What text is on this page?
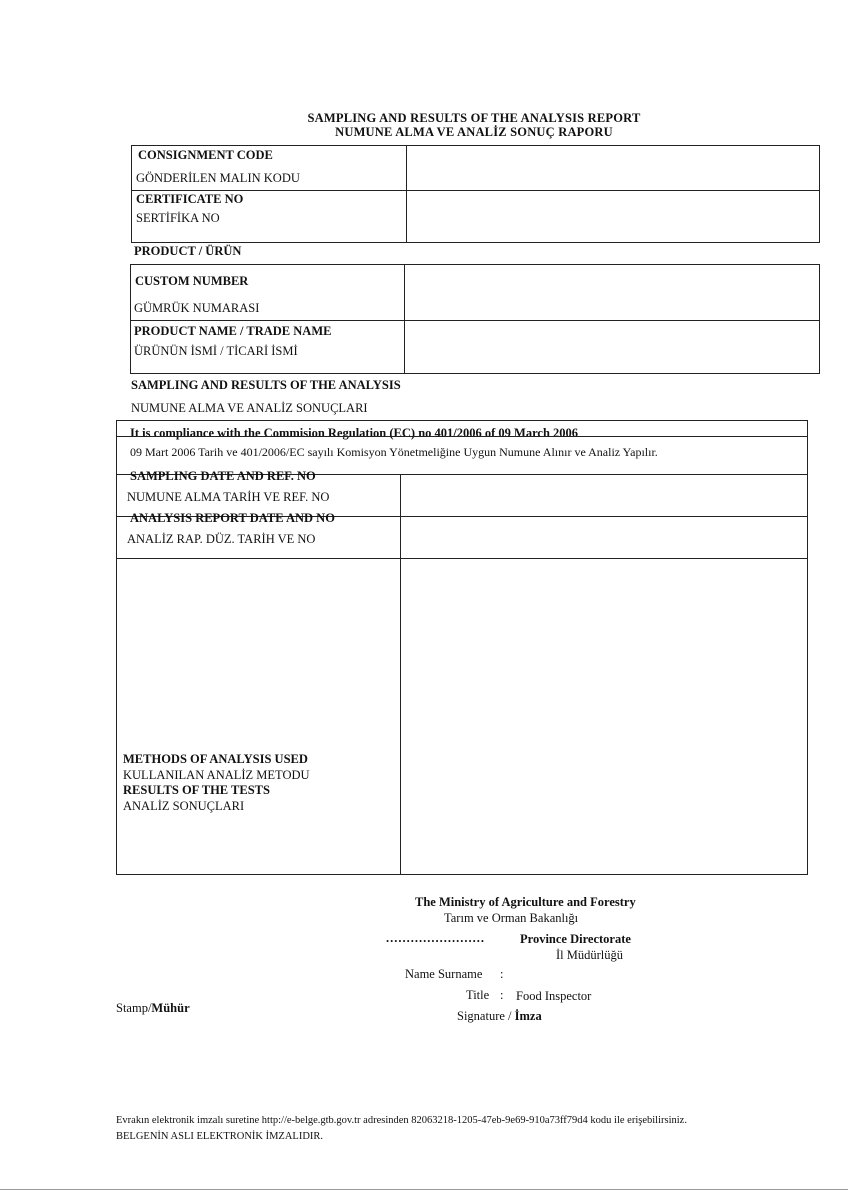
SAMPLING AND RESULTS OF THE ANALYSIS REPORT
NUMUNE ALMA VE ANALİZ SONUÇ RAPORU
CONSIGNMENT CODE
GÖNDERİLEN MALIN KODU
CERTIFICATE NO
SERTİFİKA NO
PRODUCT / ÜRÜN
CUSTOM NUMBER
GÜMRÜK NUMARASI
PRODUCT NAME / TRADE NAME
ÜRÜNÜN İSMİ / TİCARİ İSMİ
SAMPLING AND RESULTS OF THE ANALYSIS
NUMUNE ALMA VE ANALİZ SONUÇLARI
It is compliance with the Commision Regulation (EC) no 401/2006 of 09 March 2006
09 Mart 2006 Tarih ve 401/2006/EC sayılı Komisyon Yönetmeliğine Uygun Numune Alınır ve Analiz Yapılır.
SAMPLING DATE AND REF. NO
NUMUNE ALMA TARİH VE REF. NO
ANALYSIS REPORT DATE AND NO
ANALİZ RAP. DÜZ. TARİH VE NO
METHODS OF ANALYSIS USED
KULLANILAN ANALİZ METODU
RESULTS OF THE TESTS
ANALİZ SONUÇLARI
The Ministry of Agriculture and Forestry
Tarım ve Orman Bakanlığı
........................	Province Directorate
İl Müdürlüğü
Name Surname :
Title : Food Inspector
Signature / İmza
Stamp/Mühür
Evrakın elektronik imzalı suretine http://e-belge.gtb.gov.tr adresinden 82063218-1205-47eb-9e69-910a73ff79d4 kodu ile erişebilirsiniz.
BELGENİN ASLI ELEKTRONİK İMZALIDIR.
